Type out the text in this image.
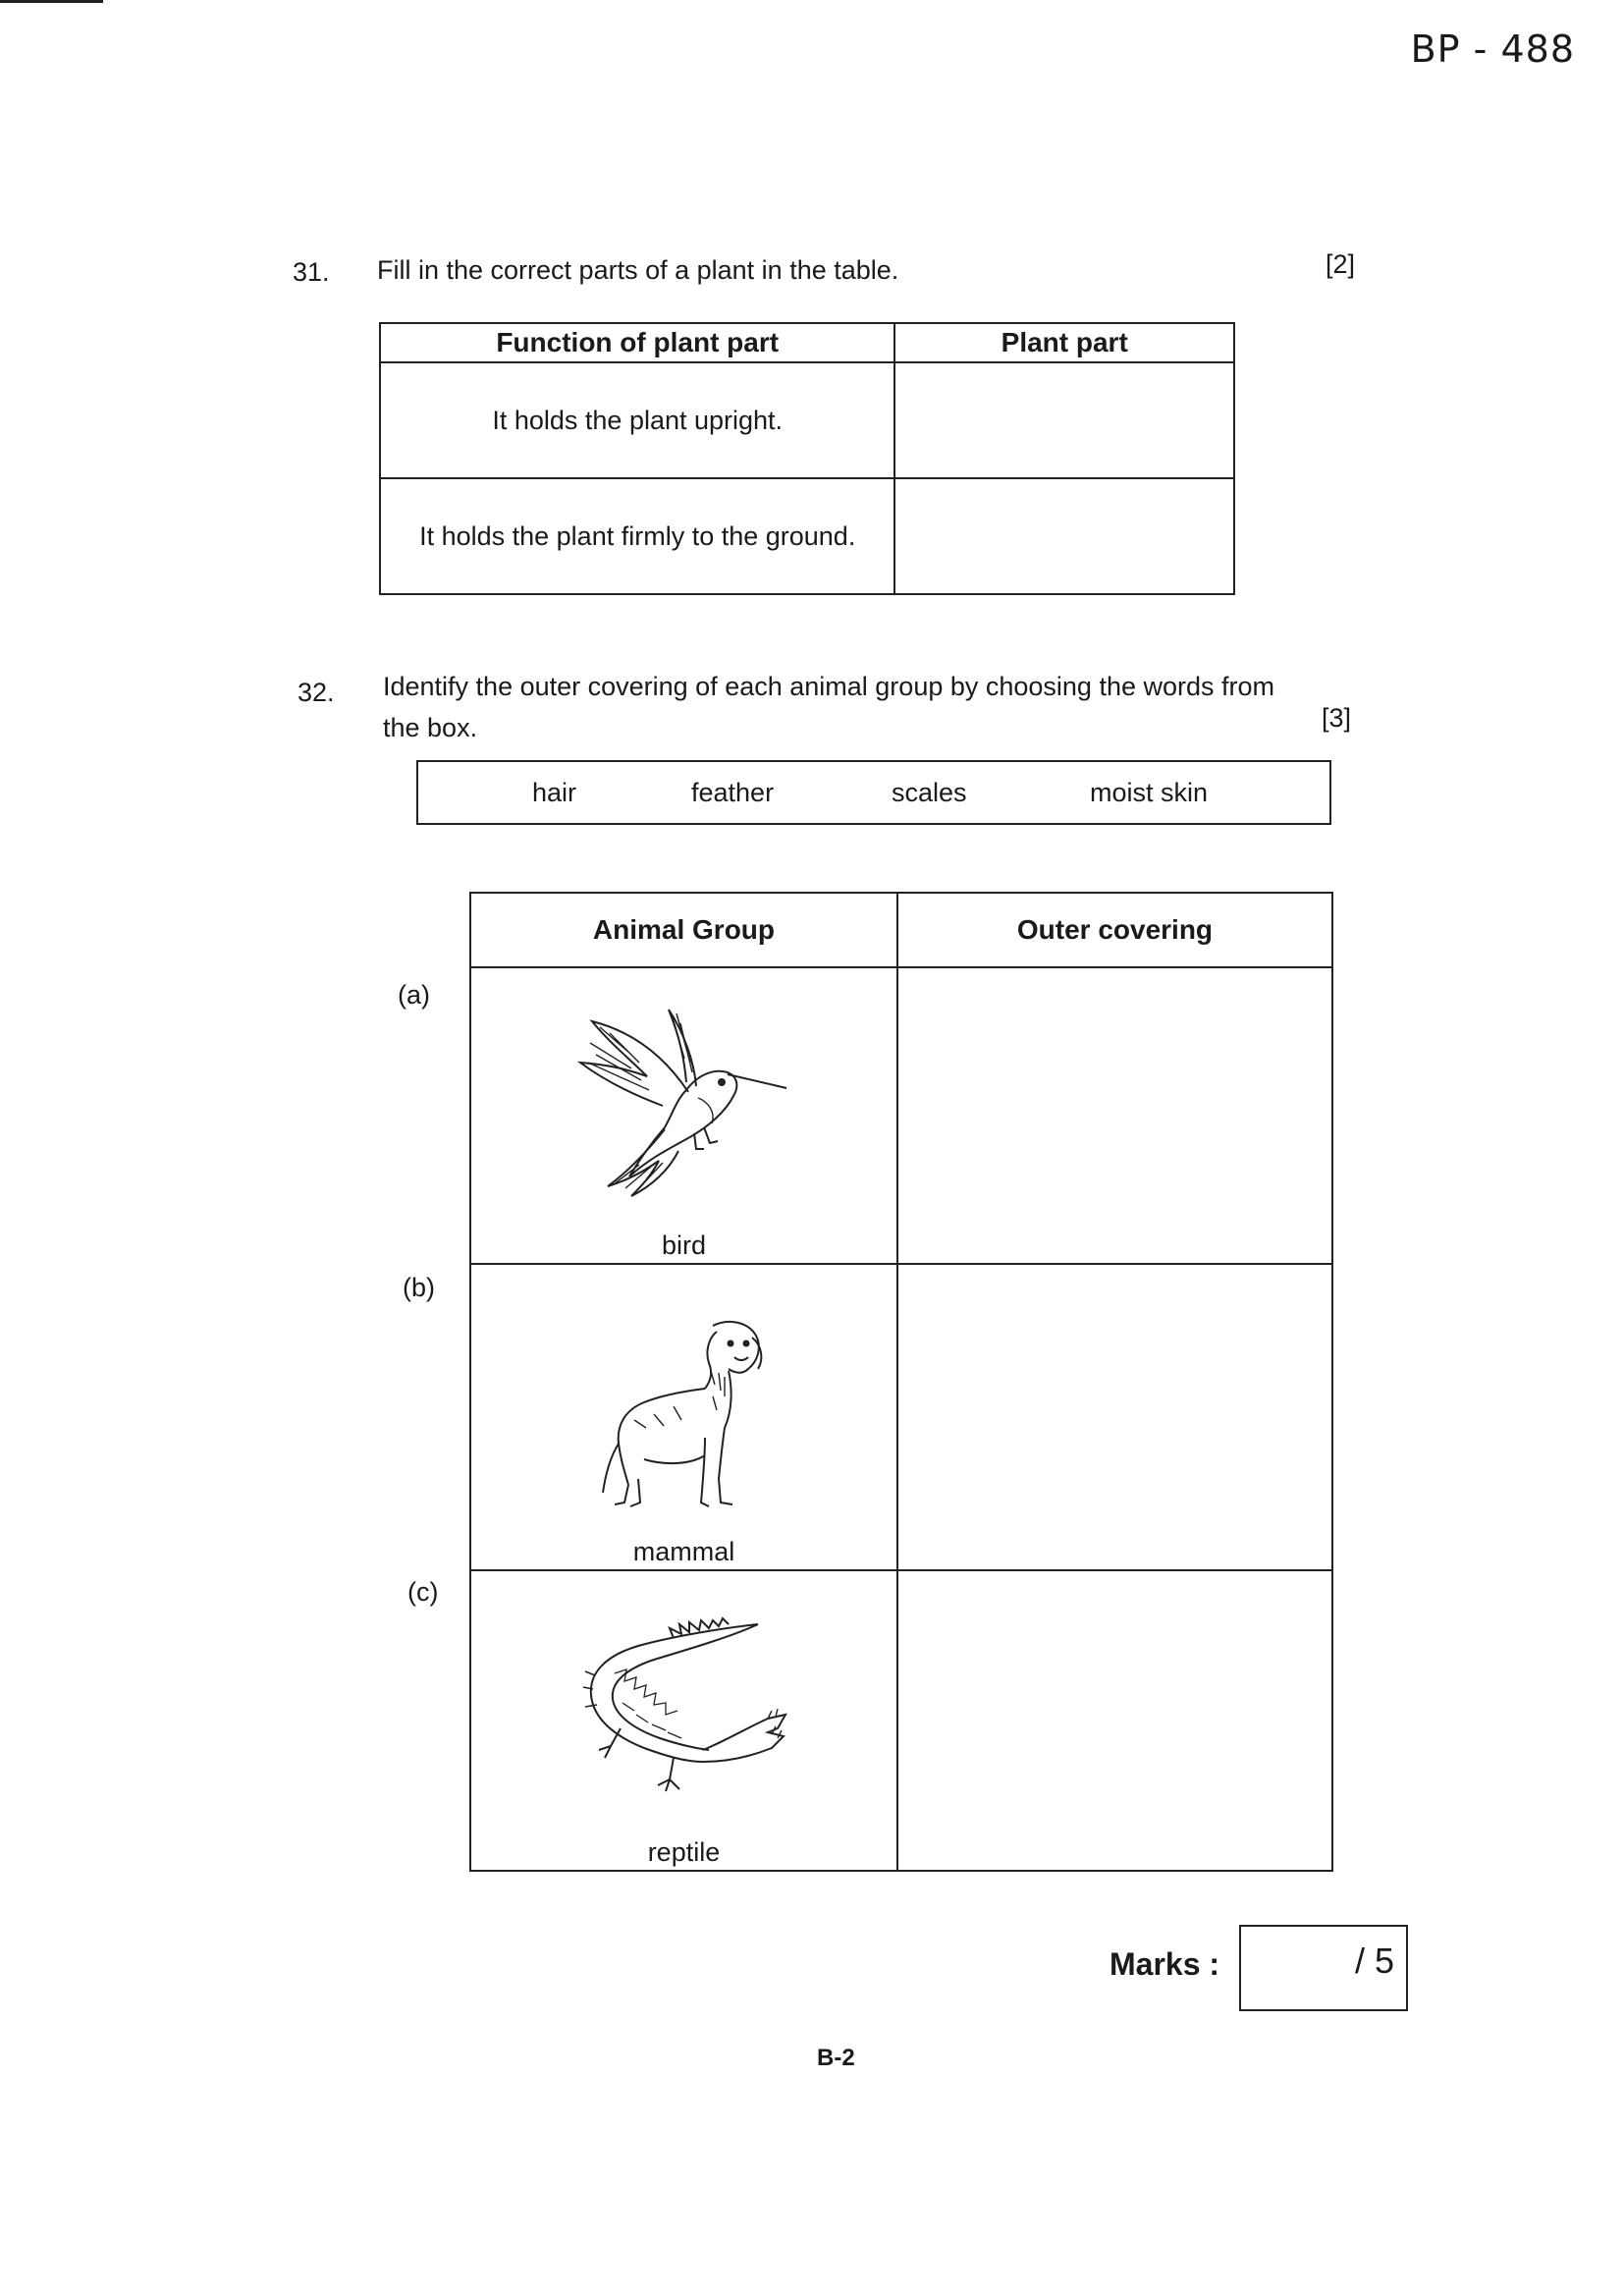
BP - 488
31. Fill in the correct parts of a plant in the table.	[2]
Function of plant part	Plant part
It holds the plant upright.	
It holds the plant firmly to the ground.	
32. Identify the outer covering of each animal group by choosing the words from
the box.	[3]
hair	feather	scales	moist skin
(a)
(b)
(c)
Animal Group	Outer covering

bird	

mammal	

reptile	

Marks :	/ 5
B-2
